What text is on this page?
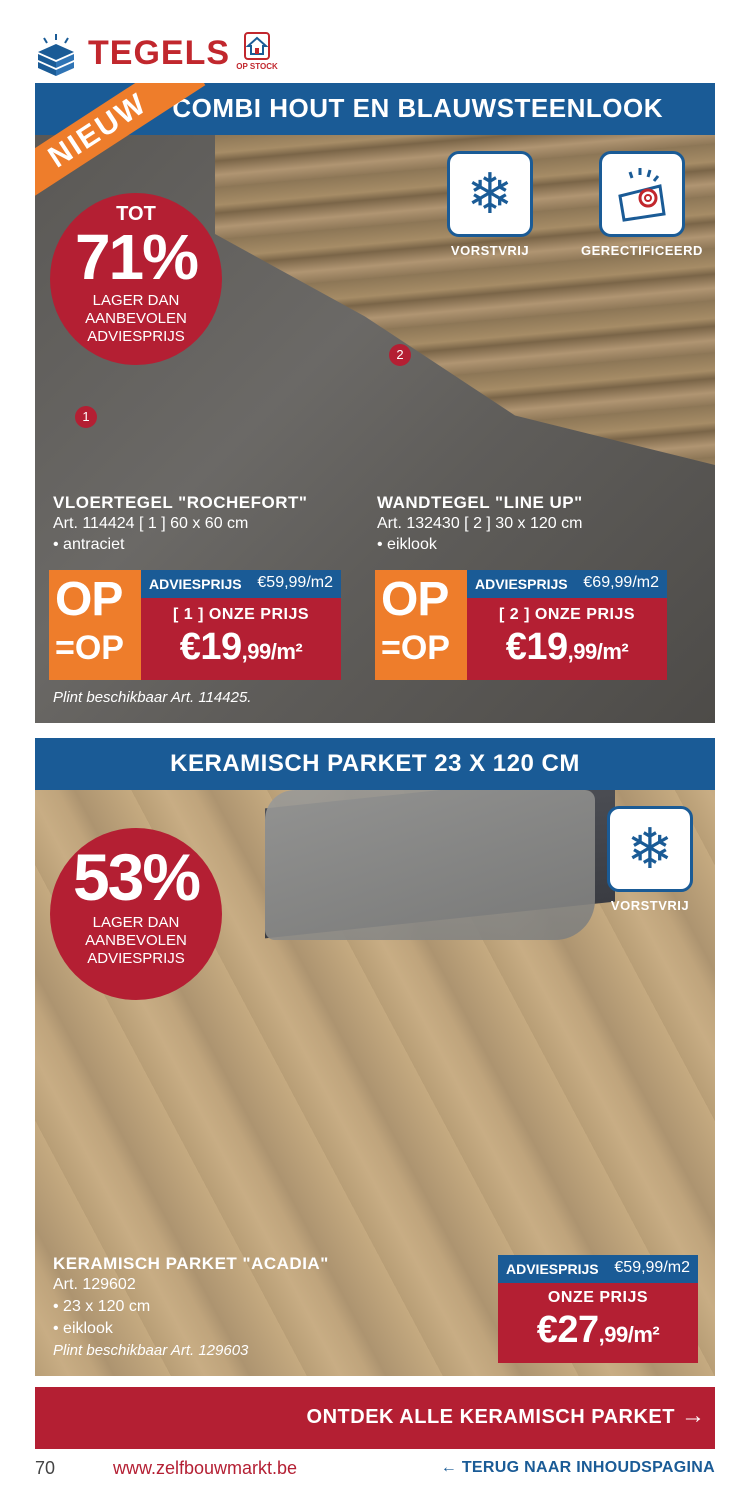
TEGELS OP STOCK
COMBI HOUT EN BLAUWSTEENLOOK
NIEUW
TOT
71%
LAGER DAN
AANBEVOLEN
ADVIESPRIJS
❄
VORSTVRIJ	GERECTIFICEERD
1
2
VLOERTEGEL "ROCHEFORT"
Art. 114424 [ 1 ] 60 x 60 cm
• antraciet
WANDTEGEL "LINE UP"
Art. 132430 [ 2 ] 30 x 120 cm
• eiklook
OP
=OP
ADVIESPRIJS €59,99/m2
[ 1 ] ONZE PRIJS
€19,99/m²
OP
=OP
ADVIESPRIJS €69,99/m2
[ 2 ] ONZE PRIJS
€19,99/m²
Plint beschikbaar Art. 114425.
KERAMISCH PARKET 23 X 120 CM
53%
LAGER DAN
AANBEVOLEN
ADVIESPRIJS
❄
VORSTVRIJ
KERAMISCH PARKET "ACADIA"
Art. 129602
• 23 x 120 cm
• eiklook
Plint beschikbaar Art. 129603
ADVIESPRIJS €59,99/m2
ONZE PRIJS
€27,99/m²
ONTDEK ALLE KERAMISCH PARKET →
70	www.zelfbouwmarkt.be	← TERUG NAAR INHOUDSPAGINA
